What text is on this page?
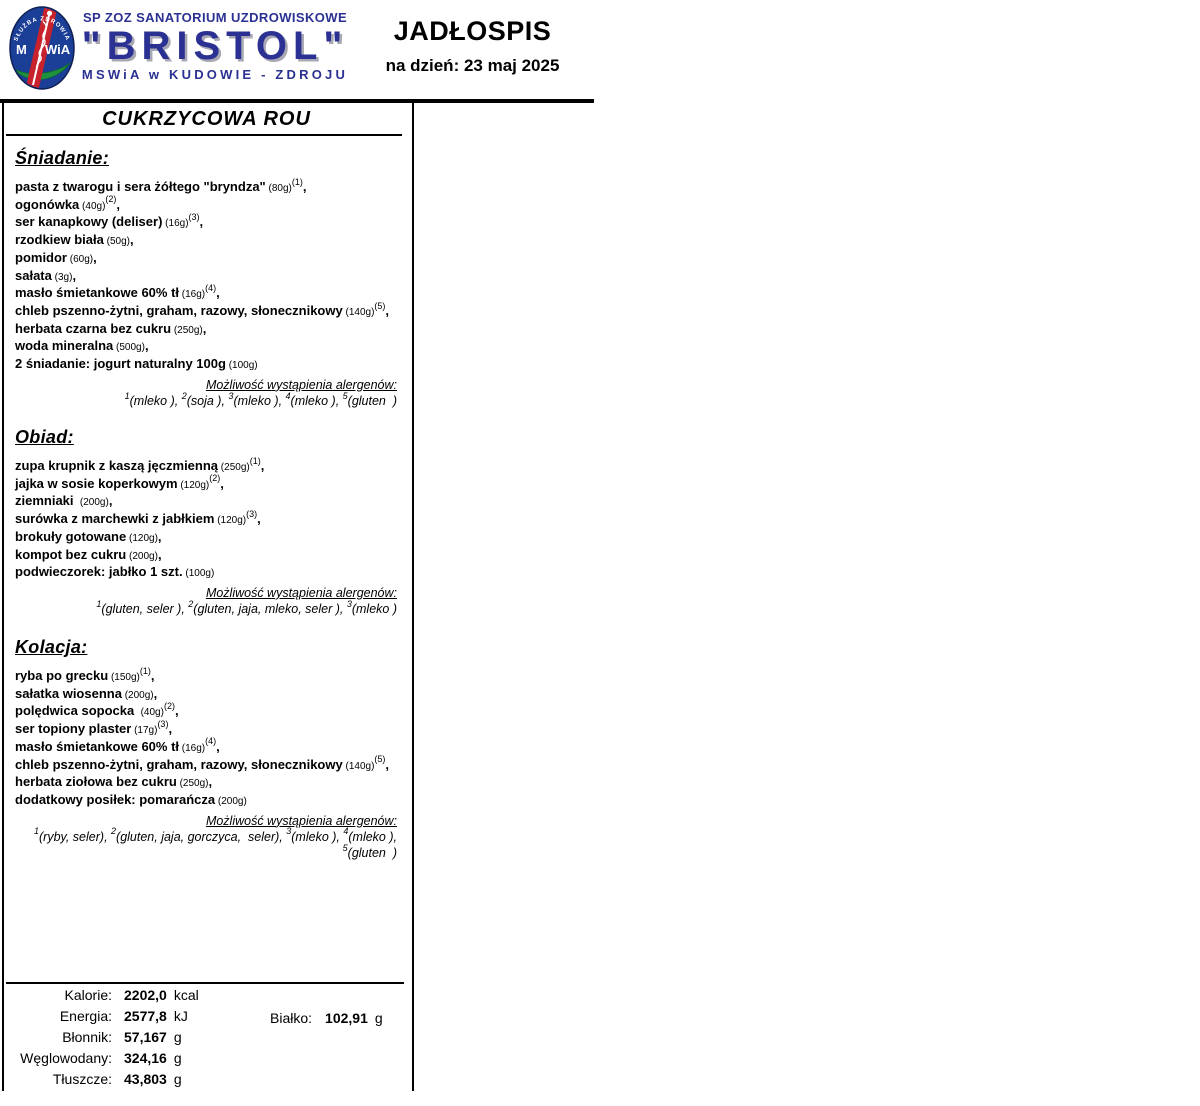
SŁUŻBA ZDROWIA
M WiA
SP ZOZ SANATORIUM UZDROWISKOWE
"BRISTOL"
MSWiA w KUDOWIE - ZDROJU
JADŁOSPIS
na dzień: 23 maj 2025
CUKRZYCOWA ROU
Śniadanie:
pasta z twarogu i sera żółtego "bryndza" $(80g)^{(1)}$,
ogonówka $(40g)^{(2)}$,
ser kanapkowy (deliser) $(16g)^{(3)}$,
rzodkiew biała (50g),
pomidor (60g),
sałata (3g),
masło śmietankowe 60% tł $(16g)^{(4)}$,
chleb pszenno-żytni, graham, razowy, słonecznikowy $(140g)^{(5)}$,
herbata czarna bez cukru (250g),
woda mineralna (500g),
2 śniadanie: jogurt naturalny 100g (100g)
Możliwość wystąpienia alergenów:
$^1$(mleko ), $^2$(soja ), $^3$(mleko ), $^4$(mleko ), $^5$(gluten  )
Obiad:
zupa krupnik z kaszą jęczmienną $(250g)^{(1)}$,
jajka w sosie koperkowym $(120g)^{(2)}$,
ziemniaki  (200g),
surówka z marchewki z jabłkiem $(120g)^{(3)}$,
brokuły gotowane (120g),
kompot bez cukru (200g),
podwieczorek: jabłko 1 szt. (100g)
Możliwość wystąpienia alergenów:
$^1$(gluten, seler ), $^2$(gluten, jaja, mleko, seler ), $^3$(mleko )
Kolacja:
ryba po grecku $(150g)^{(1)}$,
sałatka wiosenna (200g),
polędwica sopocka  $(40g)^{(2)}$,
ser topiony plaster $(17g)^{(3)}$,
masło śmietankowe 60% tł $(16g)^{(4)}$,
chleb pszenno-żytni, graham, razowy, słonecznikowy $(140g)^{(5)}$,
herbata ziołowa bez cukru (250g),
dodatkowy posiłek: pomarańcza (200g)
Możliwość wystąpienia alergenów:
$^1$(ryby, seler), $^2$(gluten, jaja, gorczyca,  seler), $^3$(mleko ), $^4$(mleko ),
$^5$(gluten  )
Kalorie: 2202,0 kcal
Energia: 2577,8 kJ
Błonnik: 57,167 g
Węglowodany: 324,16 g
Tłuszcze: 43,803 g
Białko: 102,91 g
